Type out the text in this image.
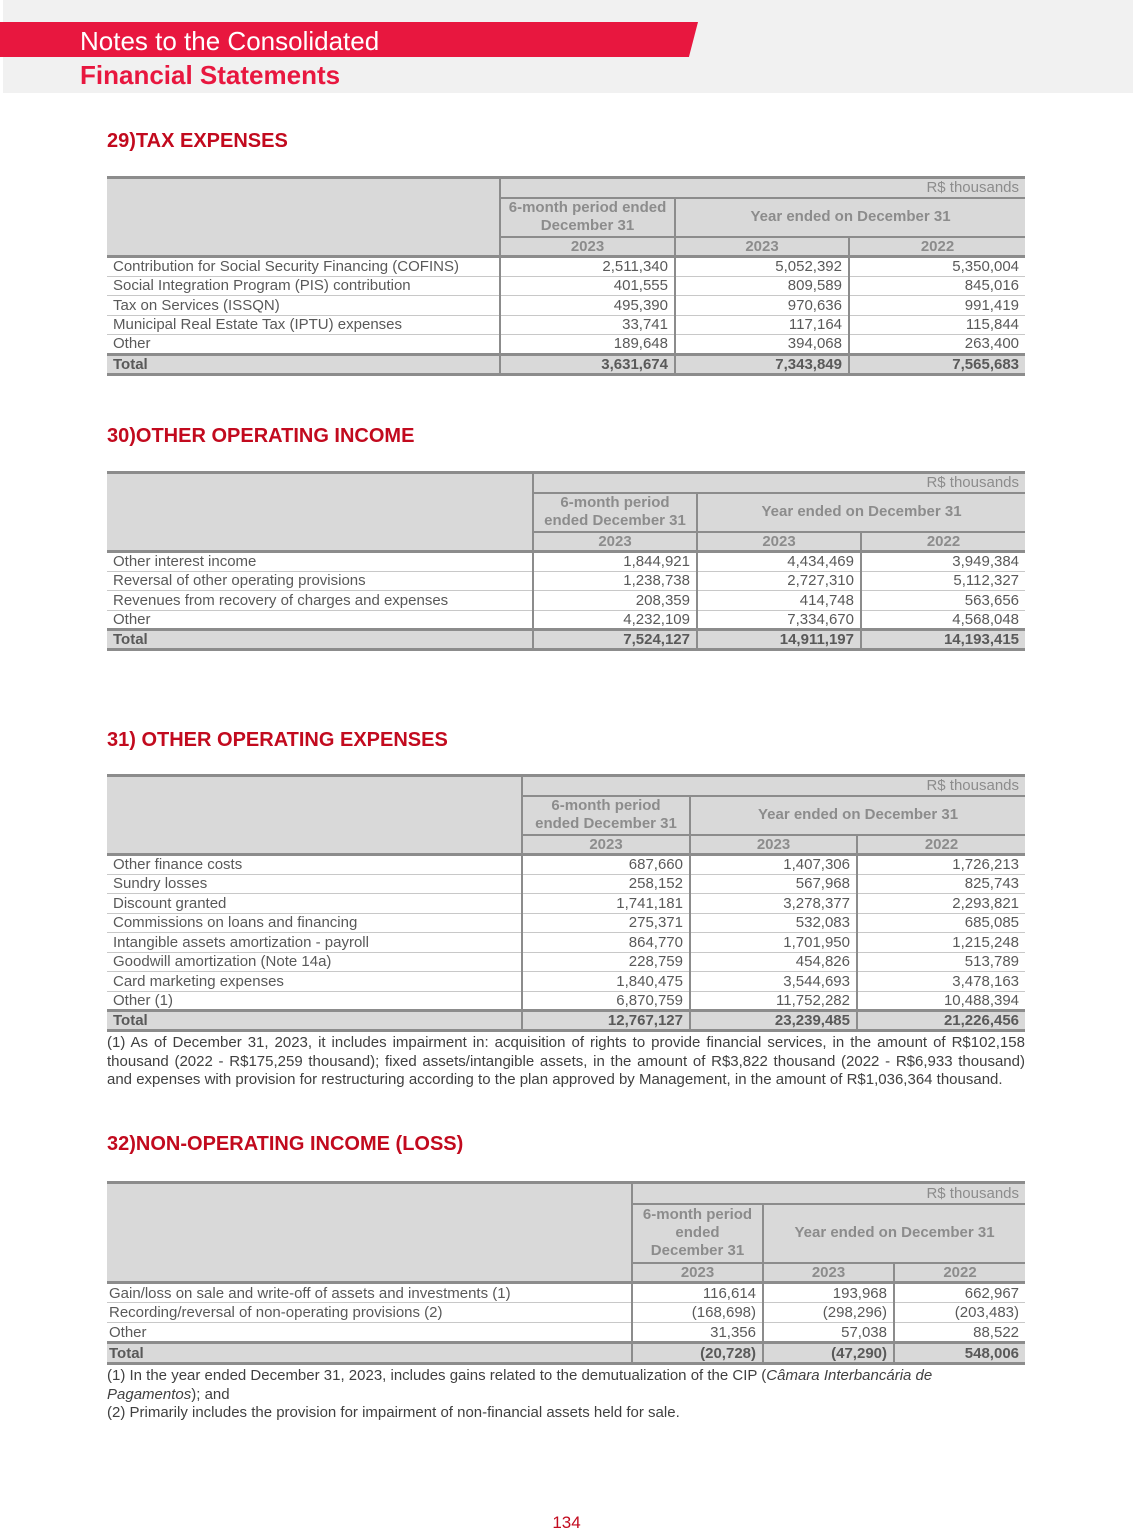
Notes to the Consolidated
Financial Statements
29)TAX EXPENSES
	R$ thousands		
	6-month period ended December 31	Year ended on December 31	
	2023	2023	2022
Contribution for Social Security Financing (COFINS)	2,511,340	5,052,392	5,350,004
Social Integration Program (PIS) contribution	401,555	809,589	845,016
Tax on Services (ISSQN)	495,390	970,636	991,419
Municipal Real Estate Tax (IPTU) expenses	33,741	117,164	115,844
Other	189,648	394,068	263,400
Total	3,631,674	7,343,849	7,565,683
30)OTHER OPERATING INCOME
	R$ thousands		
	6-month period ended December 31	Year ended on December 31	
	2023	2023	2022
Other interest income	1,844,921	4,434,469	3,949,384
Reversal of other operating provisions	1,238,738	2,727,310	5,112,327
Revenues from recovery of charges and expenses	208,359	414,748	563,656
Other	4,232,109	7,334,670	4,568,048
Total	7,524,127	14,911,197	14,193,415
31) OTHER OPERATING EXPENSES
	R$ thousands		
	6-month period ended December 31	Year ended on December 31	
	2023	2023	2022
Other finance costs	687,660	1,407,306	1,726,213
Sundry losses	258,152	567,968	825,743
Discount granted	1,741,181	3,278,377	2,293,821
Commissions on loans and financing	275,371	532,083	685,085
Intangible assets amortization - payroll	864,770	1,701,950	1,215,248
Goodwill amortization (Note 14a)	228,759	454,826	513,789
Card marketing expenses	1,840,475	3,544,693	3,478,163
Other (1)	6,870,759	11,752,282	10,488,394
Total	12,767,127	23,239,485	21,226,456
(1) As of December 31, 2023, it includes impairment in: acquisition of rights to provide financial services, in the amount of R$102,158 thousand (2022 - R$175,259 thousand); fixed assets/intangible assets, in the amount of R$3,822 thousand (2022 - R$6,933 thousand) and expenses with provision for restructuring according to the plan approved by Management, in the amount of R$1,036,364 thousand.
32)NON-OPERATING INCOME (LOSS)
	R$ thousands		
	6-month period ended December 31	Year ended on December 31	
	2023	2023	2022
Gain/loss on sale and write-off of assets and investments (1)	116,614	193,968	662,967
Recording/reversal of non-operating provisions (2)	(168,698)	(298,296)	(203,483)
Other	31,356	57,038	88,522
Total	(20,728)	(47,290)	548,006
(1) In the year ended December 31, 2023, includes gains related to the demutualization of the CIP (Câmara Interbancária de Pagamentos); and
(2) Primarily includes the provision for impairment of non-financial assets held for sale.
134
